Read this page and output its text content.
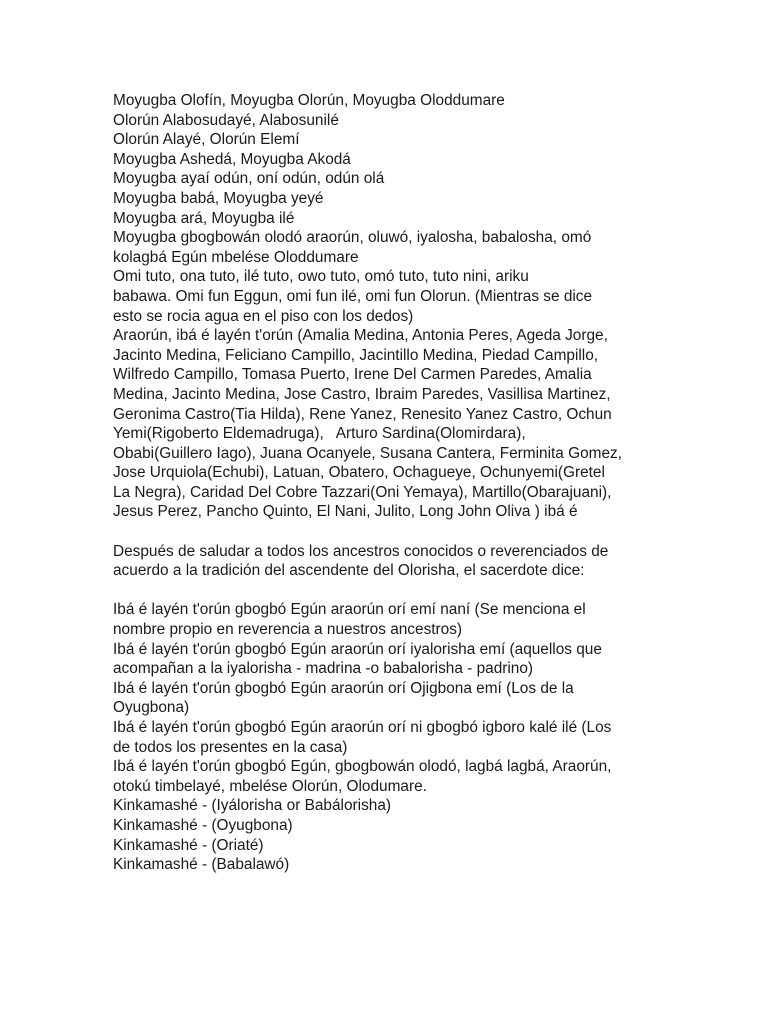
Moyugba Olofín, Moyugba Olorún, Moyugba Oloddumare
Olorún Alabosudayé, Alabosunilé
Olorún Alayé, Olorún Elemí
Moyugba Ashedá, Moyugba Akodá
Moyugba ayaí odún, oní odún, odún olá
Moyugba babá, Moyugba yeyé
Moyugba ará, Moyugba ilé
Moyugba gbogbowán olodó araorún, oluwó, iyalosha, babalosha, omó
kolagbá Egún mbelése Oloddumare
Omi tuto, ona tuto, ilé tuto, owo tuto, omó tuto, tuto nini, ariku
babawa. Omi fun Eggun, omi fun ilé, omi fun Olorun. (Mientras se dice
esto se rocia agua en el piso con los dedos)
Araorún, ibá é layén t'orún (Amalia Medina, Antonia Peres, Ageda Jorge,
Jacinto Medina, Feliciano Campillo, Jacintillo Medina, Piedad Campillo,
Wilfredo Campillo, Tomasa Puerto, Irene Del Carmen Paredes, Amalia
Medina, Jacinto Medina, Jose Castro, Ibraim Paredes, Vasillisa Martinez,
Geronima Castro(Tia Hilda), Rene Yanez, Renesito Yanez Castro, Ochun
Yemi(Rigoberto Eldemadruga),   Arturo Sardina(Olomirdara),
Obabi(Guillero Iago), Juana Ocanyele, Susana Cantera, Ferminita Gomez,
Jose Urquiola(Echubi), Latuan, Obatero, Ochagueye, Ochunyemi(Gretel
La Negra), Caridad Del Cobre Tazzari(Oni Yemaya), Martillo(Obarajuani),
Jesus Perez, Pancho Quinto, El Nani, Julito, Long John Oliva ) ibá é
Después de saludar a todos los ancestros conocidos o reverenciados de
acuerdo a la tradición del ascendente del Olorisha, el sacerdote dice:
Ibá é layén t'orún gbogbó Egún araorún orí emí naní (Se menciona el
nombre propio en reverencia a nuestros ancestros)
Ibá é layén t'orún gbogbó Egún araorún orí iyalorisha emí (aquellos que
acompañan a la iyalorisha - madrina -o babalorisha - padrino)
Ibá é layén t'orún gbogbó Egún araorún orí Ojigbona emí (Los de la
Oyugbona)
Ibá é layén t'orún gbogbó Egún araorún orí ni gbogbó igboro kalé ilé (Los
de todos los presentes en la casa)
Ibá é layén t'orún gbogbó Egún, gbogbowán olodó, lagbá lagbá, Araorún,
otokú timbelayé, mbelése Olorún, Olodumare.
Kinkamashé - (Iyálorisha or Babálorisha)
Kinkamashé - (Oyugbona)
Kinkamashé - (Oriaté)
Kinkamashé - (Babalawó)
